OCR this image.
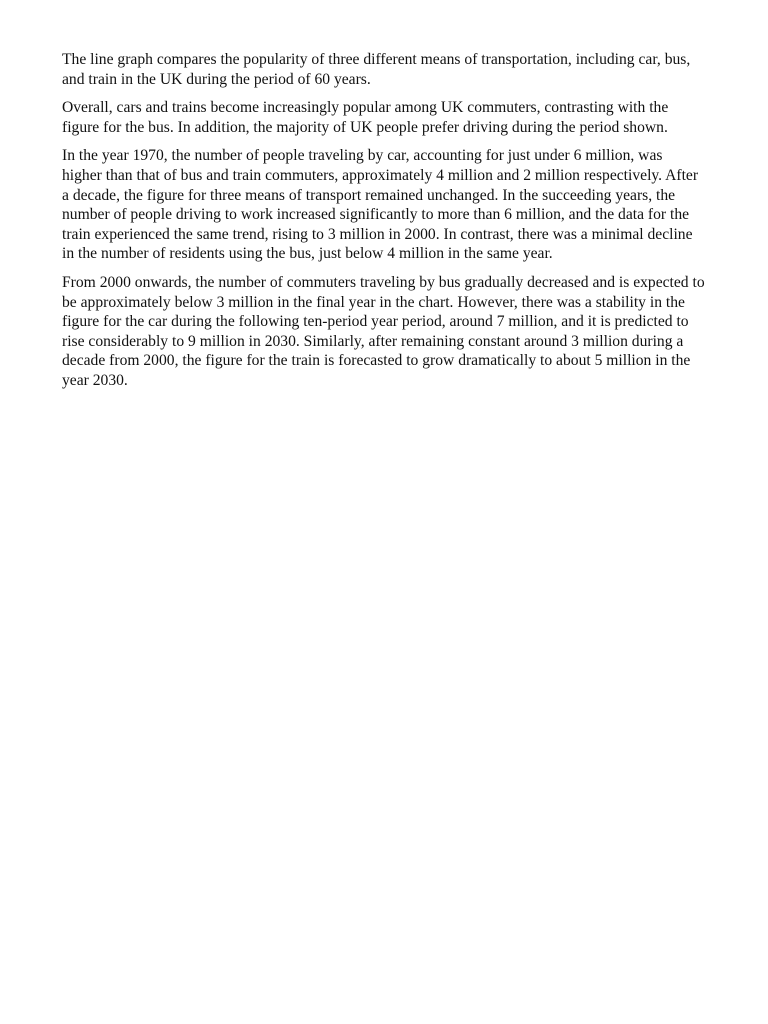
The line graph compares the popularity of three different means of transportation, including car, bus, and train in the UK during the period of 60 years.

Overall, cars and trains become increasingly popular among UK commuters, contrasting with the figure for the bus. In addition, the majority of UK people prefer driving during the period shown.

In the year 1970, the number of people traveling by car, accounting for just under 6 million, was higher than that of bus and train commuters, approximately 4 million and 2 million respectively. After a decade, the figure for three means of transport remained unchanged. In the succeeding years, the number of people driving to work increased significantly to more than 6 million, and the data for the train experienced the same trend, rising to 3 million in 2000. In contrast, there was a minimal decline in the number of residents using the bus, just below 4 million in the same year.

From 2000 onwards, the number of commuters traveling by bus gradually decreased and is expected to be approximately below 3 million in the final year in the chart. However, there was a stability in the figure for the car during the following ten-period year period, around 7 million, and it is predicted to rise considerably to 9 million in 2030. Similarly, after remaining constant around 3 million during a decade from 2000, the figure for the train is forecasted to grow dramatically to about 5 million in the year 2030.
